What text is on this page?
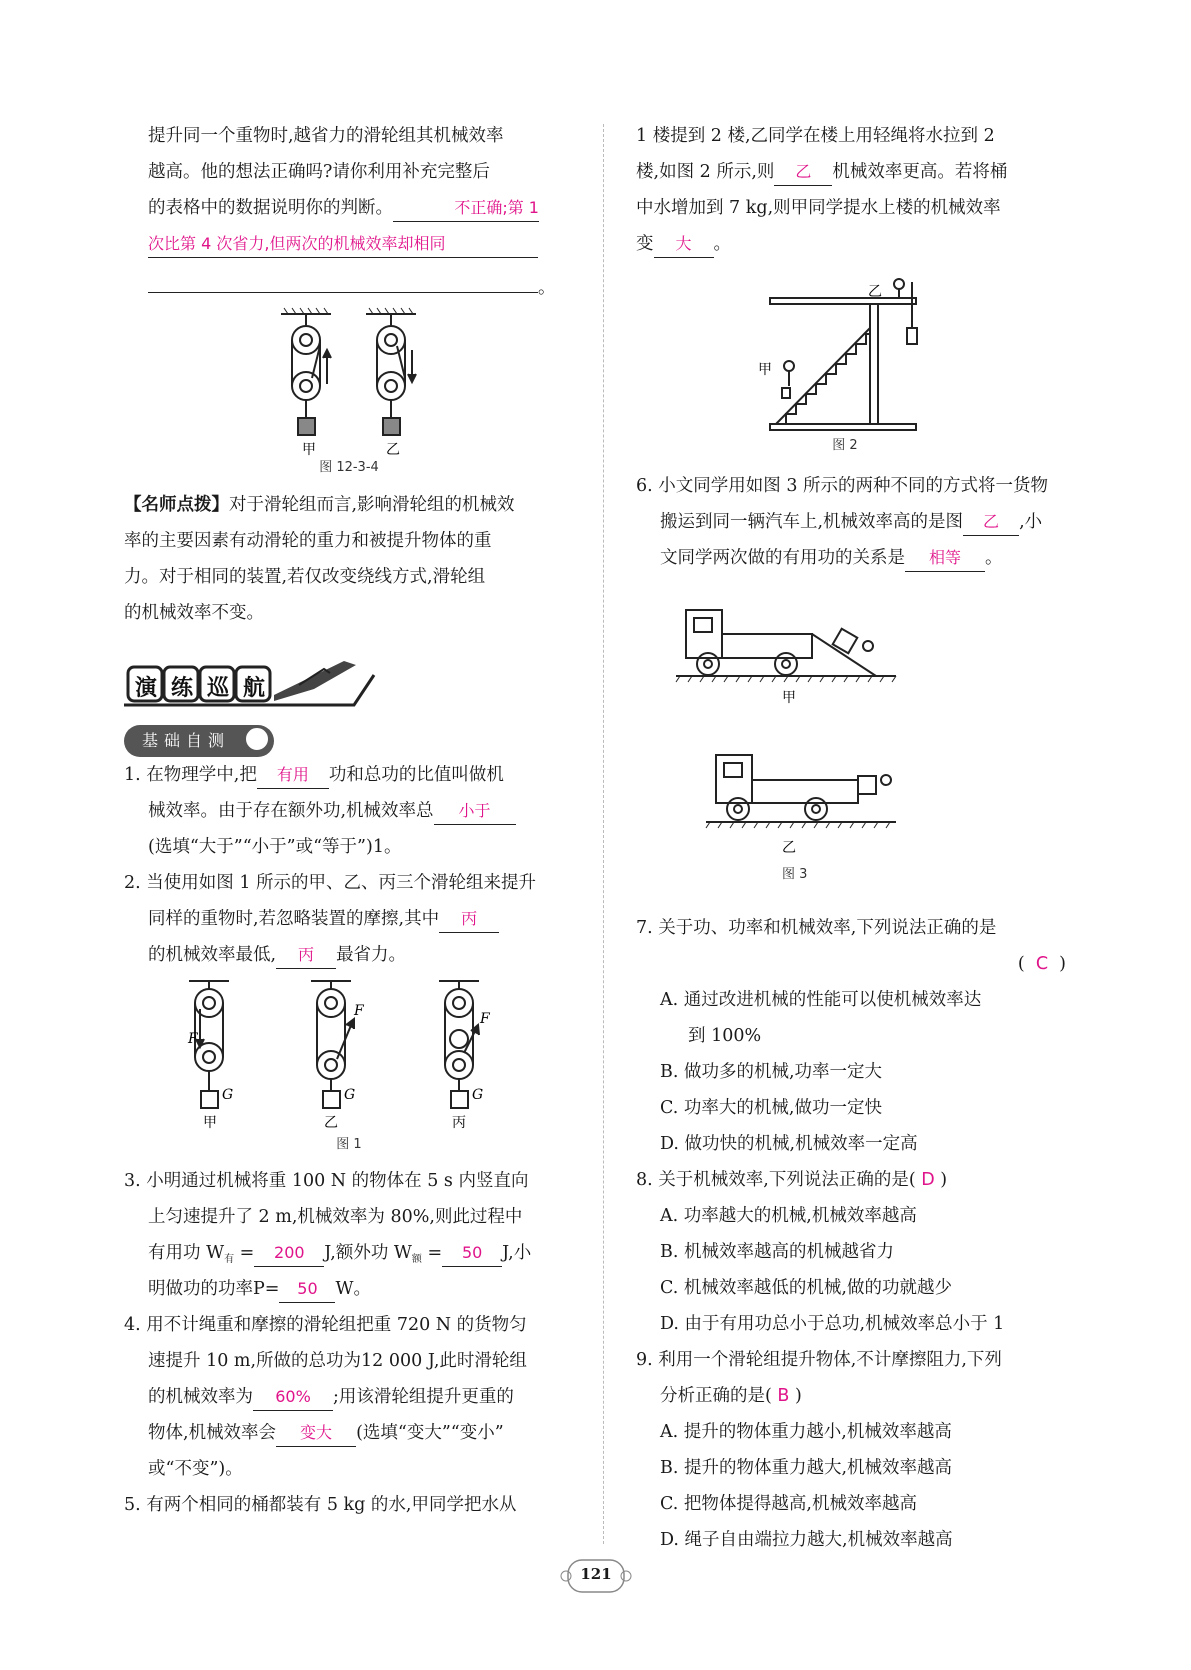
提升同一个重物时,越省力的滑轮组其机械效率
越高。他的想法正确吗?请你利用补充完整后
的表格中的数据说明你的判断。	不正确;第 1
次比第 4 次省力,但两次的机械效率却相同
。
甲	乙
图 12-3-4
【名师点拨】对于滑轮组而言,影响滑轮组的机械效
率的主要因素有动滑轮的重力和被提升物体的重
力。对于相同的装置,若仅改变绕线方式,滑轮组
的机械效率不变。
演 练 巡 航
基础自测
1. 在物理学中,把 有用 功和总功的比值叫做机
械效率。由于存在额外功,机械效率总 小于
(选填“大于”“小于”或“等于”)1。
2. 当使用如图 1 所示的甲、乙、丙三个滑轮组来提升
同样的重物时,若忽略装置的摩擦,其中 丙
的机械效率最低, 丙 最省力。
F
G
F
G
F
G
甲	乙	丙
图 1
3. 小明通过机械将重 100 N 的物体在 5 s 内竖直向
上匀速提升了 2 m,机械效率为 80%,则此过程中
有用功 $W_有 = 200$ J,额外功 $W_额 = 50$ J,小
明做功的功率P= 50 W。
4. 用不计绳重和摩擦的滑轮组把重 720 N 的货物匀
速提升 10 m,所做的总功为12 000 J,此时滑轮组
的机械效率为 60% ;用该滑轮组提升更重的
物体,机械效率会 变大 (选填“变大”“变小”
或“不变”)。
5. 有两个相同的桶都装有 5 kg 的水,甲同学把水从
1 楼提到 2 楼,乙同学在楼上用轻绳将水拉到 2
楼,如图 2 所示,则 乙 机械效率更高。若将桶
中水增加到 7 kg,则甲同学提水上楼的机械效率
变 大 。
甲
乙
图 2
6. 小文同学用如图 3 所示的两种不同的方式将一货物
搬运到同一辆汽车上,机械效率高的是图 乙 ,小
文同学两次做的有用功的关系是 相等 。
甲
乙
图 3
7. 关于功、功率和机械效率,下列说法正确的是
(  C  )
A. 通过改进机械的性能可以使机械效率达
到 100%
B. 做功多的机械,功率一定大
C. 功率大的机械,做功一定快
D. 做功快的机械,机械效率一定高
8. 关于机械效率,下列说法正确的是( D )
A. 功率越大的机械,机械效率越高
B. 机械效率越高的机械越省力
C. 机械效率越低的机械,做的功就越少
D. 由于有用功总小于总功,机械效率总小于 1
9. 利用一个滑轮组提升物体,不计摩擦阻力,下列
分析正确的是( B )
A. 提升的物体重力越小,机械效率越高
B. 提升的物体重力越大,机械效率越高
C. 把物体提得越高,机械效率越高
D. 绳子自由端拉力越大,机械效率越高
121
